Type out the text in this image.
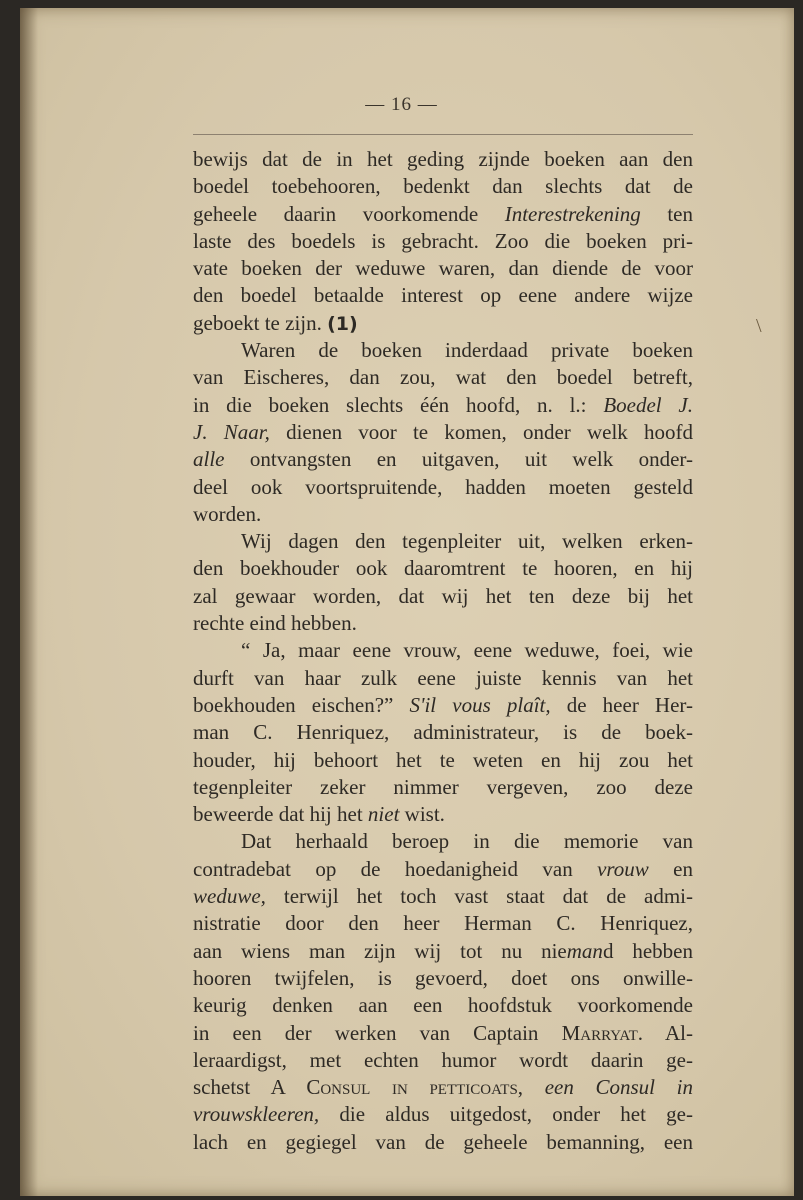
— 16 —
bewijs dat de in het geding zijnde boeken aan den
boedel toebehooren, bedenkt dan slechts dat de
geheele daarin voorkomende Interestrekening ten
laste des boedels is gebracht. Zoo die boeken pri-
vate boeken der weduwe waren, dan diende de voor
den boedel betaalde interest op eene andere wijze
geboekt te zijn. (1)
Waren de boeken inderdaad private boeken
van Eischeres, dan zou, wat den boedel betreft,
in die boeken slechts één hoofd, n. l.: Boedel J.
J. Naar, dienen voor te komen, onder welk hoofd
alle ontvangsten en uitgaven, uit welk onder-
deel ook voortspruitende, hadden moeten gesteld
worden.
Wij dagen den tegenpleiter uit, welken erken-
den boekhouder ook daaromtrent te hooren, en hij
zal gewaar worden, dat wij het ten deze bij het
rechte eind hebben.
“ Ja, maar eene vrouw, eene weduwe, foei, wie
durft van haar zulk eene juiste kennis van het
boekhouden eischen?” S'il vous plaît, de heer Her-
man C. Henriquez, administrateur, is de boek-
houder, hij behoort het te weten en hij zou het
tegenpleiter zeker nimmer vergeven, zoo deze
beweerde dat hij het niet wist.
Dat herhaald beroep in die memorie van
contradebat op de hoedanigheid van vrouw en
weduwe, terwijl het toch vast staat dat de admi-
nistratie door den heer Herman C. Henriquez,
aan wiens man zijn wij tot nu niemand hebben
hooren twijfelen, is gevoerd, doet ons onwille-
keurig denken aan een hoofdstuk voorkomende
in een der werken van Captain Marryat. Al-
leraardigst, met echten humor wordt daarin ge-
schetst A Consul in petticoats, een Consul in
vrouwskleeren, die aldus uitgedost, onder het ge-
lach en gegiegel van de geheele bemanning, een
\
